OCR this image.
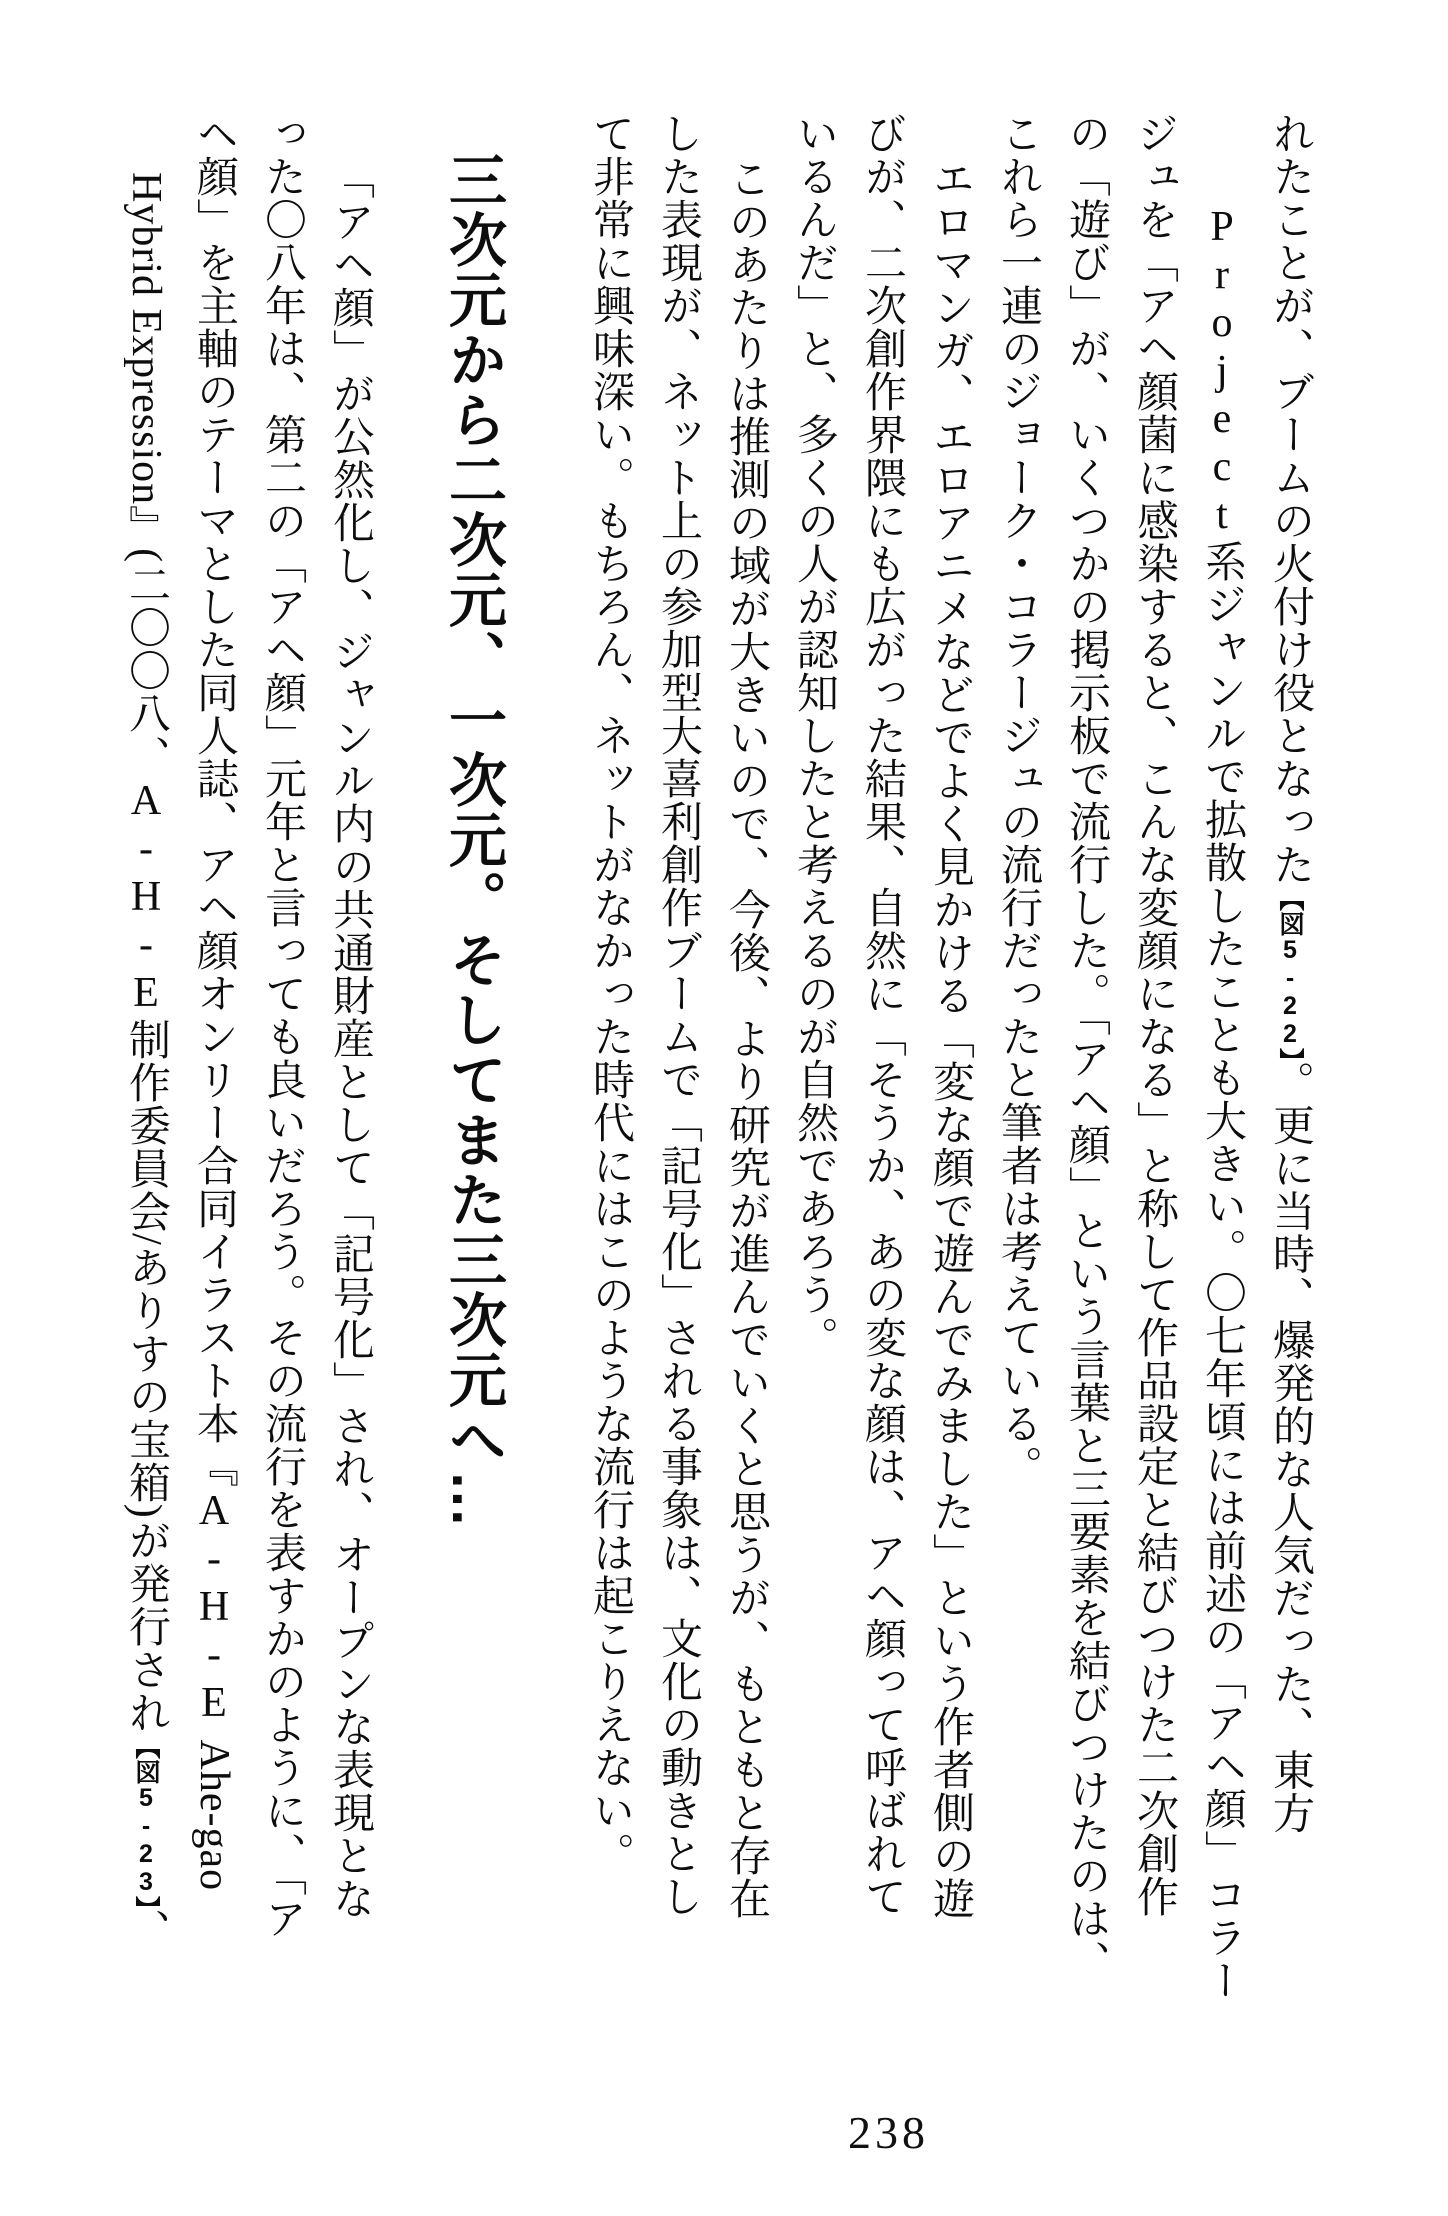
れたことが、ブームの火付け役となった【図5-22】。更に当時、爆発的な人気だった、東方
Project系ジャンルで拡散したことも大きい。〇七年頃には前述の「アヘ顔」コラー
ジュを「アヘ顔菌に感染すると、こんな変顔になる」と称して作品設定と結びつけた二次創作
の「遊び」が、いくつかの掲示板で流行した。「アヘ顔」という言葉と三要素を結びつけたのは、
これら一連のジョーク・コラージュの流行だったと筆者は考えている。

エロマンガ、エロアニメなどでよく見かける「変な顔で遊んでみました」という作者側の遊
びが、二次創作界隈にも広がった結果、自然に「そうか、あの変な顔は、アヘ顔って呼ばれて
いるんだ」と、多くの人が認知したと考えるのが自然であろう。

このあたりは推測の域が大きいので、今後、より研究が進んでいくと思うが、もともと存在
した表現が、ネット上の参加型大喜利創作ブームで「記号化」される事象は、文化の動きとし
て非常に興味深い。もちろん、ネットがなかった時代にはこのような流行は起こりえない。

三次元から二次元、一次元。そしてまた三次元へ…

「アヘ顔」が公然化し、ジャンル内の共通財産として「記号化」され、オープンな表現とな
った〇八年は、第二の「アヘ顔」元年と言っても良いだろう。その流行を表すかのように、「ア
ヘ顔」を主軸のテーマとした同人誌、アヘ顔オンリー合同イラスト本『A-H-E Ahe-gao
Hybrid Expression』(二〇〇八、A-H-E制作委員会/ありすの宝箱)が発行され【図5-23】、

238
